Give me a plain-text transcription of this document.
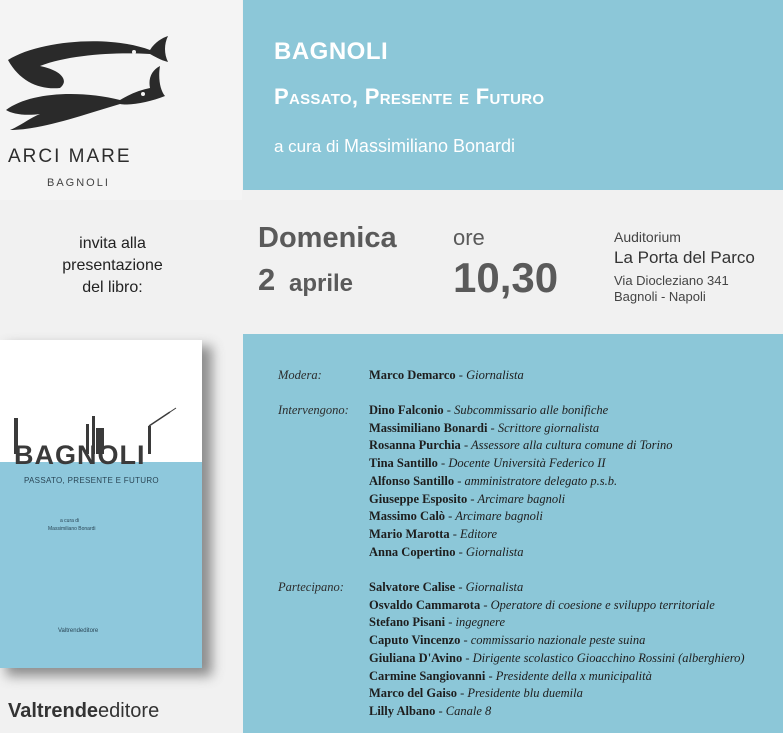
ARCI MARE
BAGNOLI
BAGNOLI
Passato, Presente e Futuro
a cura di Massimiliano Bonardi
invita alla
presentazione
del libro:
Domenica
2 aprile
ore
10,30
Auditorium
La Porta del Parco
Via Diocleziano 341
Bagnoli - Napoli
BAGNOLI
PASSATO, PRESENTE E FUTURO
a cura di
Massimiliano Bonardi
Valtrendeditore
Valtrendeeditore
Modera:
Intervengono:
Partecipano:
Marco Demarco - Giornalista
Dino Falconio - Subcommissario alle bonifiche
Massimiliano Bonardi - Scrittore giornalista
Rosanna Purchia - Assessore alla cultura comune di Torino
Tina Santillo - Docente Università Federico II
Alfonso Santillo - amministratore delegato p.s.b.
Giuseppe Esposito - Arcimare bagnoli
Massimo Calò - Arcimare bagnoli
Mario Marotta - Editore
Anna Copertino - Giornalista
Salvatore Calise - Giornalista
Osvaldo Cammarota - Operatore di coesione e sviluppo territoriale
Stefano Pisani - ingegnere
Caputo Vincenzo - commissario nazionale peste suina
Giuliana D'Avino - Dirigente scolastico Gioacchino Rossini (alberghiero)
Carmine Sangiovanni - Presidente della x municipalità
Marco del Gaiso - Presidente blu duemila
Lilly Albano - Canale 8
